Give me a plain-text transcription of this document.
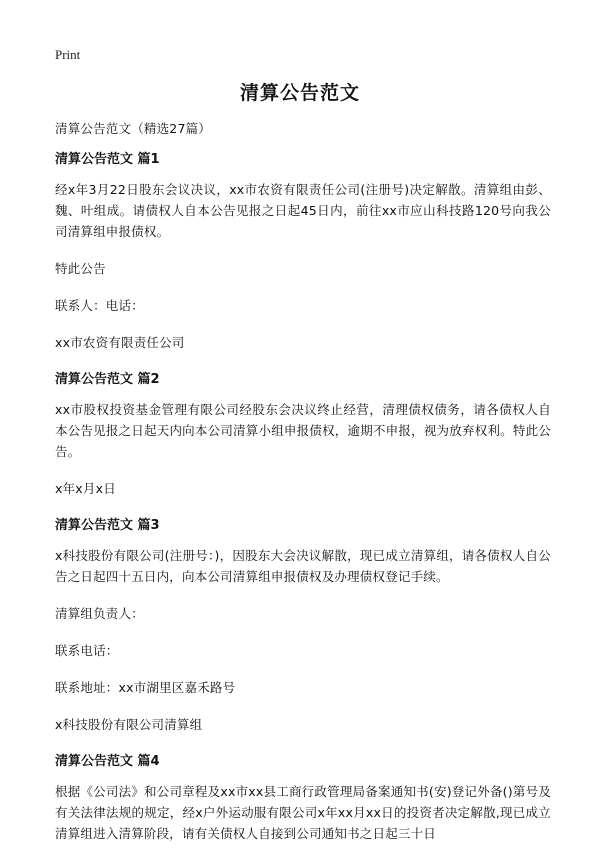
Print
清算公告范文

清算公告范文（精选27篇）

清算公告范文 篇1

经x年3月22日股东会议决议，xx市农资有限责任公司(注册号)决定解散。清算组由彭、魏、叶组成。请债权人自本公告见报之日起45日内，前往xx市应山科技路120号向我公司清算组申报债权。

特此公告

联系人：电话：

xx市农资有限责任公司

清算公告范文 篇2

xx市股权投资基金管理有限公司经股东会决议终止经营，清理债权债务，请各债权人自本公告见报之日起天内向本公司清算小组申报债权，逾期不申报，视为放弃权利。特此公告。

x年x月x日

清算公告范文 篇3

x科技股份有限公司(注册号：)，因股东大会决议解散，现已成立清算组，请各债权人自公告之日起四十五日内，向本公司清算组申报债权及办理债权登记手续。

清算组负责人：

联系电话：

联系地址：xx市湖里区嘉禾路号

x科技股份有限公司清算组

清算公告范文 篇4

根据《公司法》和公司章程及xx市xx县工商行政管理局备案通知书(安)登记外备()第号及有关法律法规的规定，经x户外运动服有限公司x年xx月xx日的投资者决定解散,现已成立清算组进入清算阶段，请有关债权人自接到公司通知书之日起三十日
